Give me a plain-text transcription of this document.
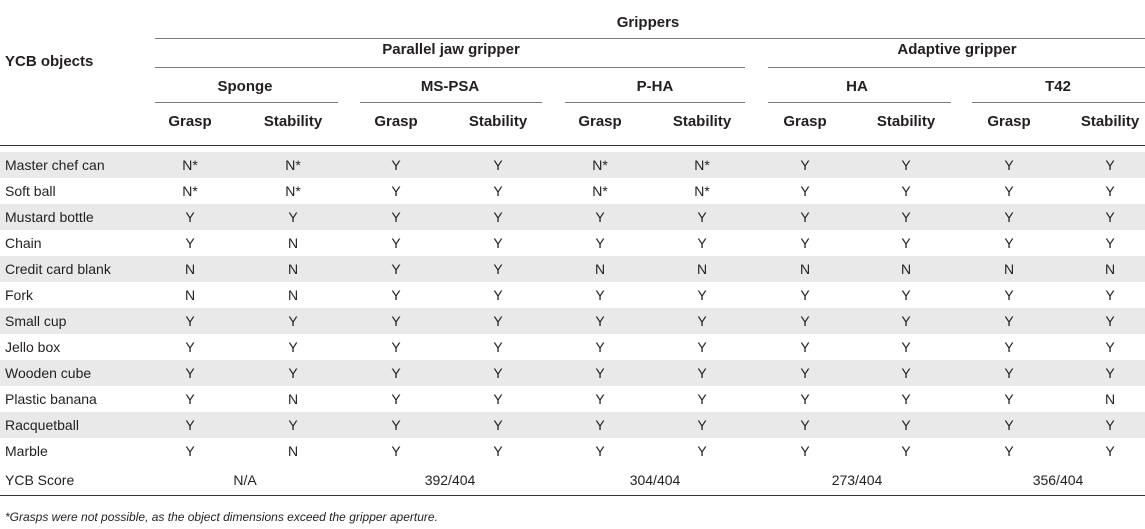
YCB objects
Grippers
Parallel jaw gripper	Adaptive gripper
Sponge	MS-PSA	P-HA	HA	T42
Grasp	Stability	Grasp	Stability	Grasp	Stability	Grasp	Stability	Grasp	Stability
Master chef can	N*	N*	Y	Y	N*	N*	Y	Y	Y	Y
Soft ball	N*	N*	Y	Y	N*	N*	Y	Y	Y	Y
Mustard bottle	Y	Y	Y	Y	Y	Y	Y	Y	Y	Y
Chain	Y	N	Y	Y	Y	Y	Y	Y	Y	Y
Credit card blank	N	N	Y	Y	N	N	N	N	N	N
Fork	N	N	Y	Y	Y	Y	Y	Y	Y	Y
Small cup	Y	Y	Y	Y	Y	Y	Y	Y	Y	Y
Jello box	Y	Y	Y	Y	Y	Y	Y	Y	Y	Y
Wooden cube	Y	Y	Y	Y	Y	Y	Y	Y	Y	Y
Plastic banana	Y	N	Y	Y	Y	Y	Y	Y	Y	N
Racquetball	Y	Y	Y	Y	Y	Y	Y	Y	Y	Y
Marble	Y	N	Y	Y	Y	Y	Y	Y	Y	Y
YCB Score	N/A	392/404	304/404	273/404	356/404
*Grasps were not possible, as the object dimensions exceed the gripper aperture.
